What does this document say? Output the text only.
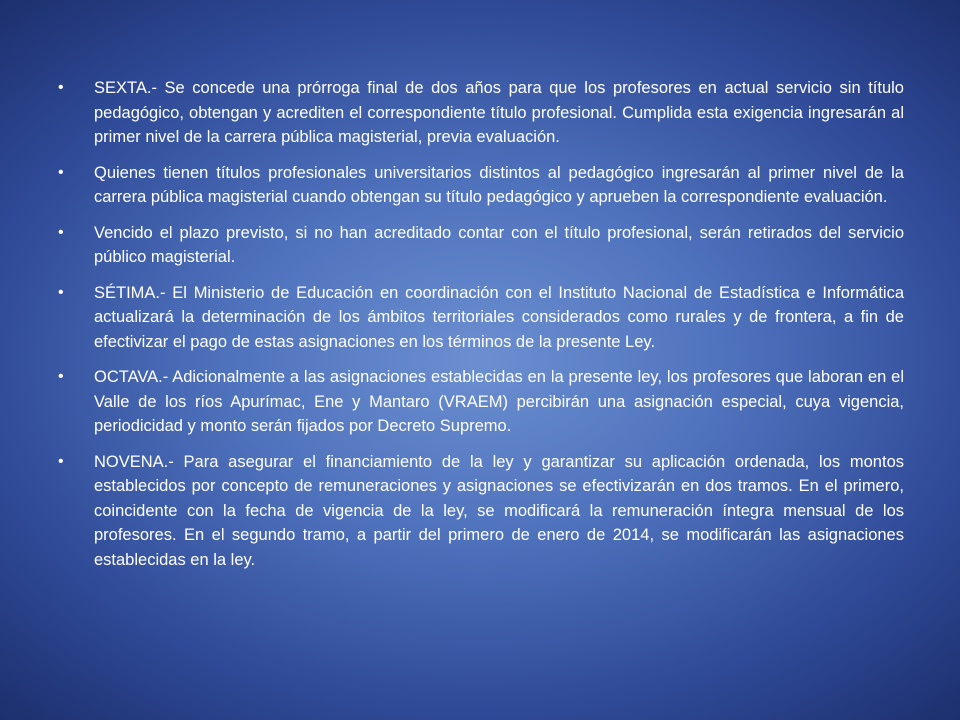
•	SEXTA.- Se concede una prórroga final de dos años para que los profesores en actual servicio sin título pedagógico, obtengan y acrediten el correspondiente título profesional. Cumplida esta exigencia ingresarán al primer nivel de la carrera pública magisterial, previa evaluación.
•	Quienes tienen títulos profesionales universitarios distintos al pedagógico ingresarán al primer nivel de la carrera pública magisterial cuando obtengan su título pedagógico y aprueben la correspondiente evaluación.
•	Vencido el plazo previsto, si no han acreditado contar con el título profesional, serán retirados del servicio público magisterial.
•	SÉTIMA.- El Ministerio de Educación en coordinación con el Instituto Nacional de Estadística e Informática actualizará la determinación de los ámbitos territoriales considerados como rurales y de frontera, a fin de efectivizar el pago de estas asignaciones en los términos de la presente Ley.
•	OCTAVA.- Adicionalmente a las asignaciones establecidas en la presente ley, los profesores que laboran en el Valle de los ríos Apurímac, Ene y Mantaro (VRAEM) percibirán una asignación especial, cuya vigencia, periodicidad y monto serán fijados por Decreto Supremo.
•	NOVENA.- Para asegurar el financiamiento de la ley y garantizar su aplicación ordenada, los montos establecidos por concepto de remuneraciones y asignaciones se efectivizarán en dos tramos. En el primero, coincidente con la fecha de vigencia de la ley, se modificará la remuneración íntegra mensual de los profesores. En el segundo tramo, a partir del primero de enero de 2014, se modificarán las asignaciones establecidas en la ley.
